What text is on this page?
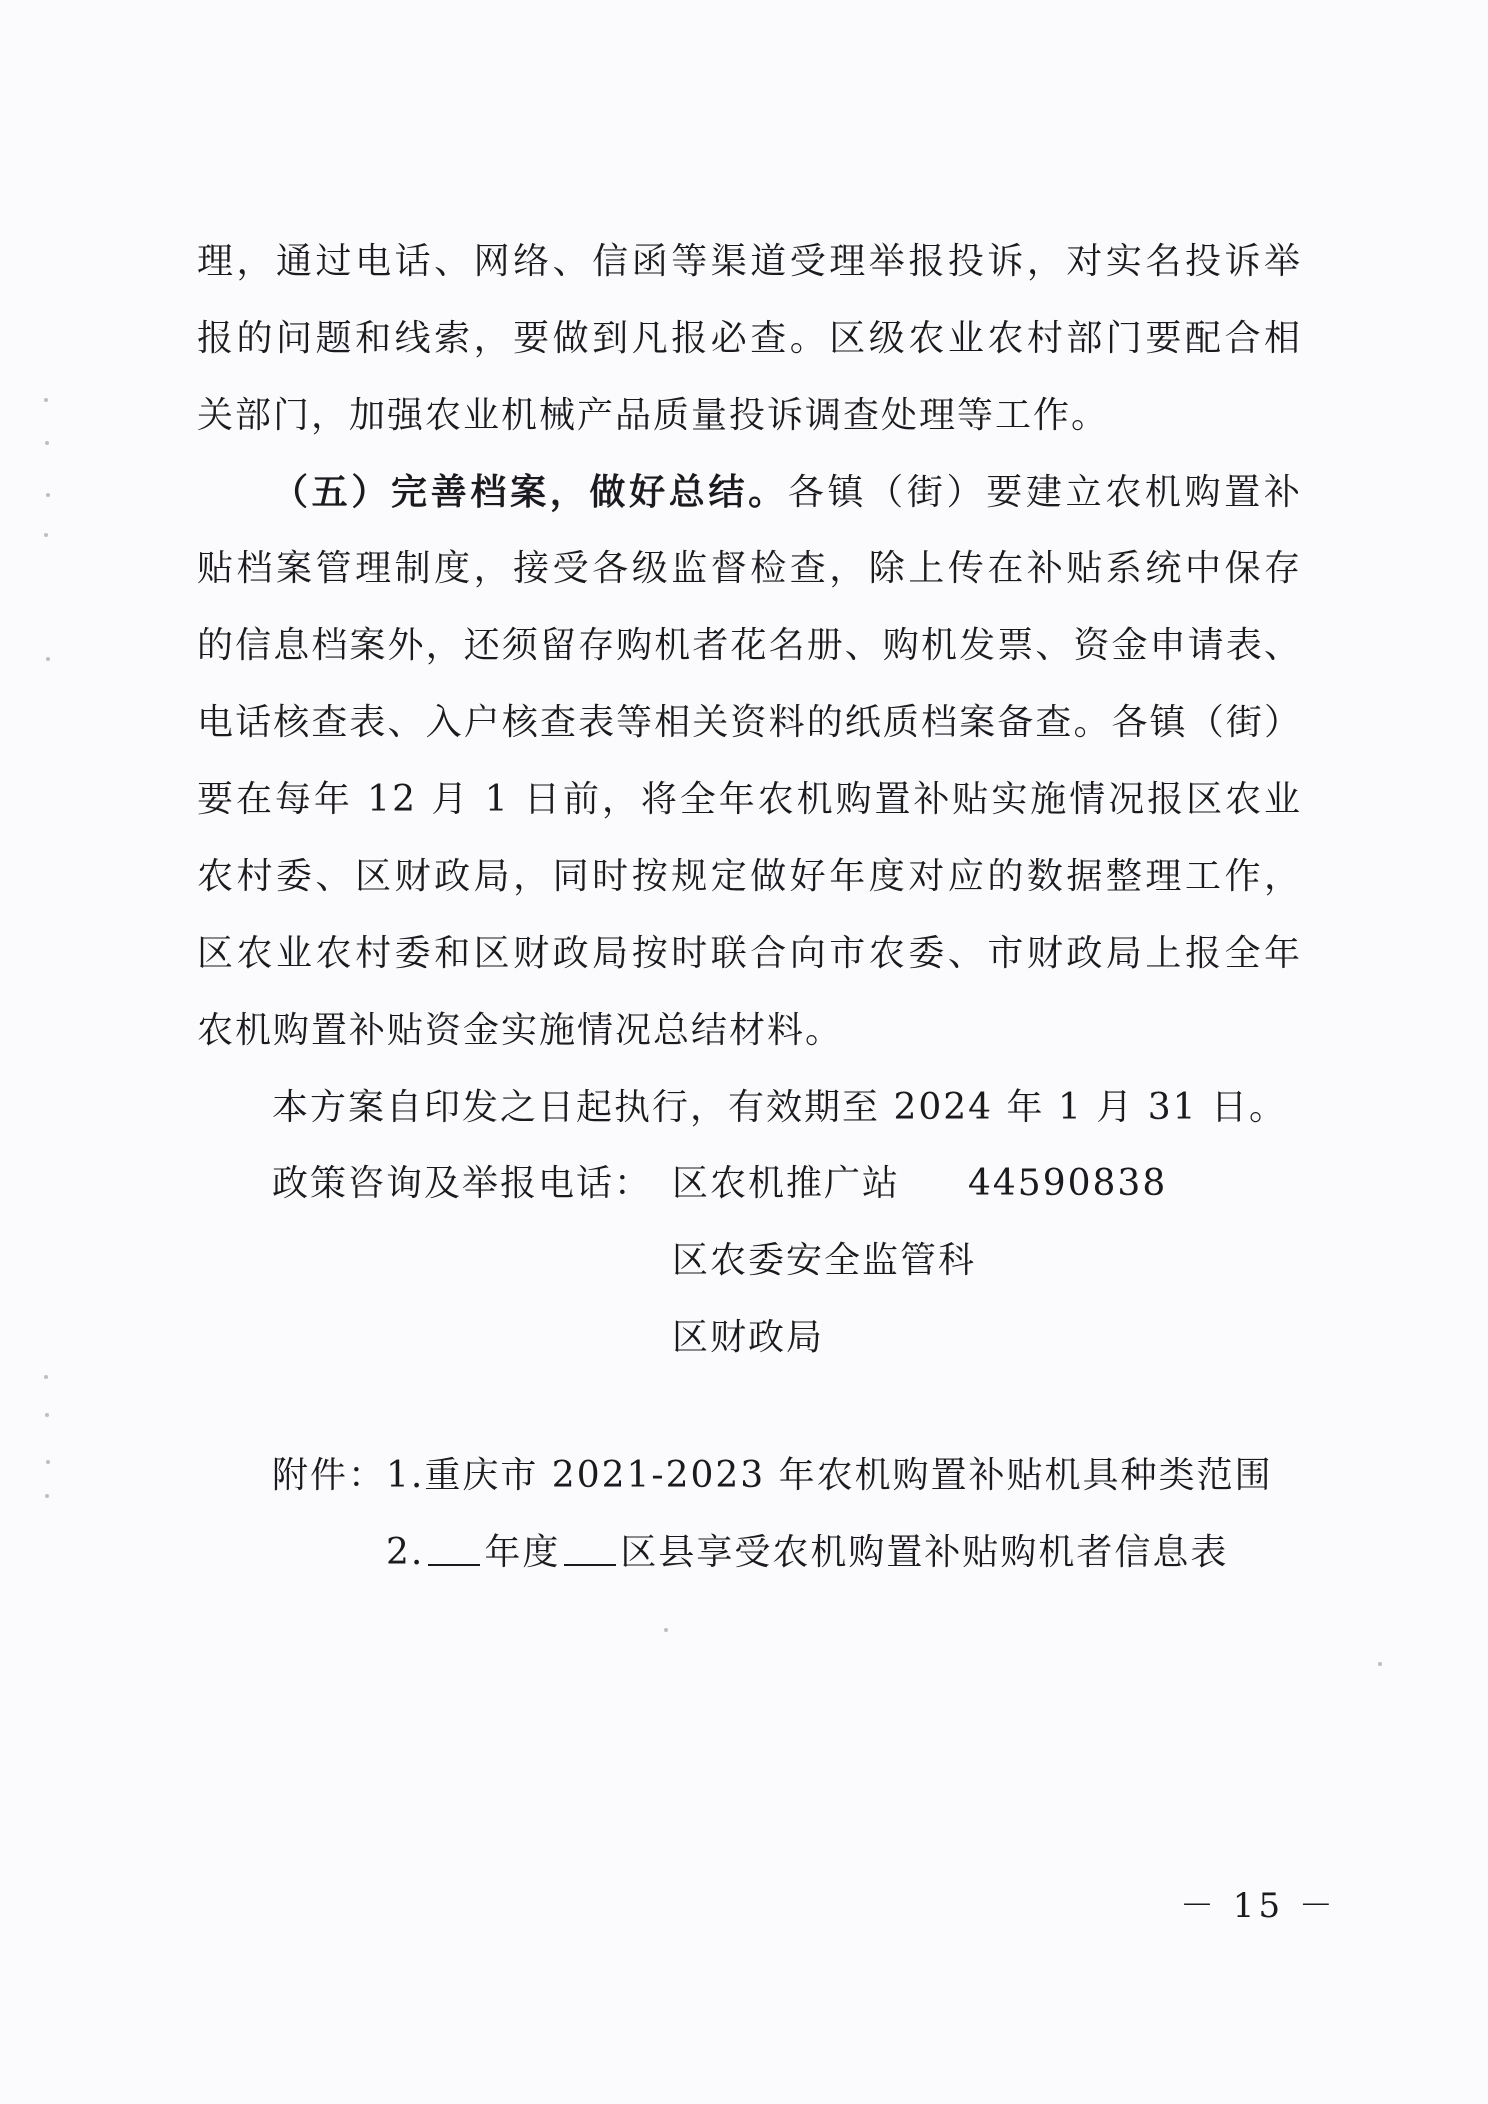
理，通过电话、网络、信函等渠道受理举报投诉，对实名投诉举
报的问题和线索，要做到凡报必查。区级农业农村部门要配合相
关部门，加强农业机械产品质量投诉调查处理等工作。
（五）完善档案，做好总结。各镇（街）要建立农机购置补
贴档案管理制度，接受各级监督检查，除上传在补贴系统中保存
的信息档案外，还须留存购机者花名册、购机发票、资金申请表、
电话核查表、入户核查表等相关资料的纸质档案备查。各镇（街）
要在每年 12 月 1 日前，将全年农机购置补贴实施情况报区农业
农村委、区财政局，同时按规定做好年度对应的数据整理工作，
区农业农村委和区财政局按时联合向市农委、市财政局上报全年
农机购置补贴资金实施情况总结材料。
本方案自印发之日起执行，有效期至 2024 年 1 月 31 日。
政策咨询及举报电话： 区农机推广站 44590838
区农委安全监管科
区财政局
附件： 1.重庆市 2021-2023 年农机购置补贴机具种类范围
2. 年度 区县享受农机购置补贴购机者信息表
－ 15 －
